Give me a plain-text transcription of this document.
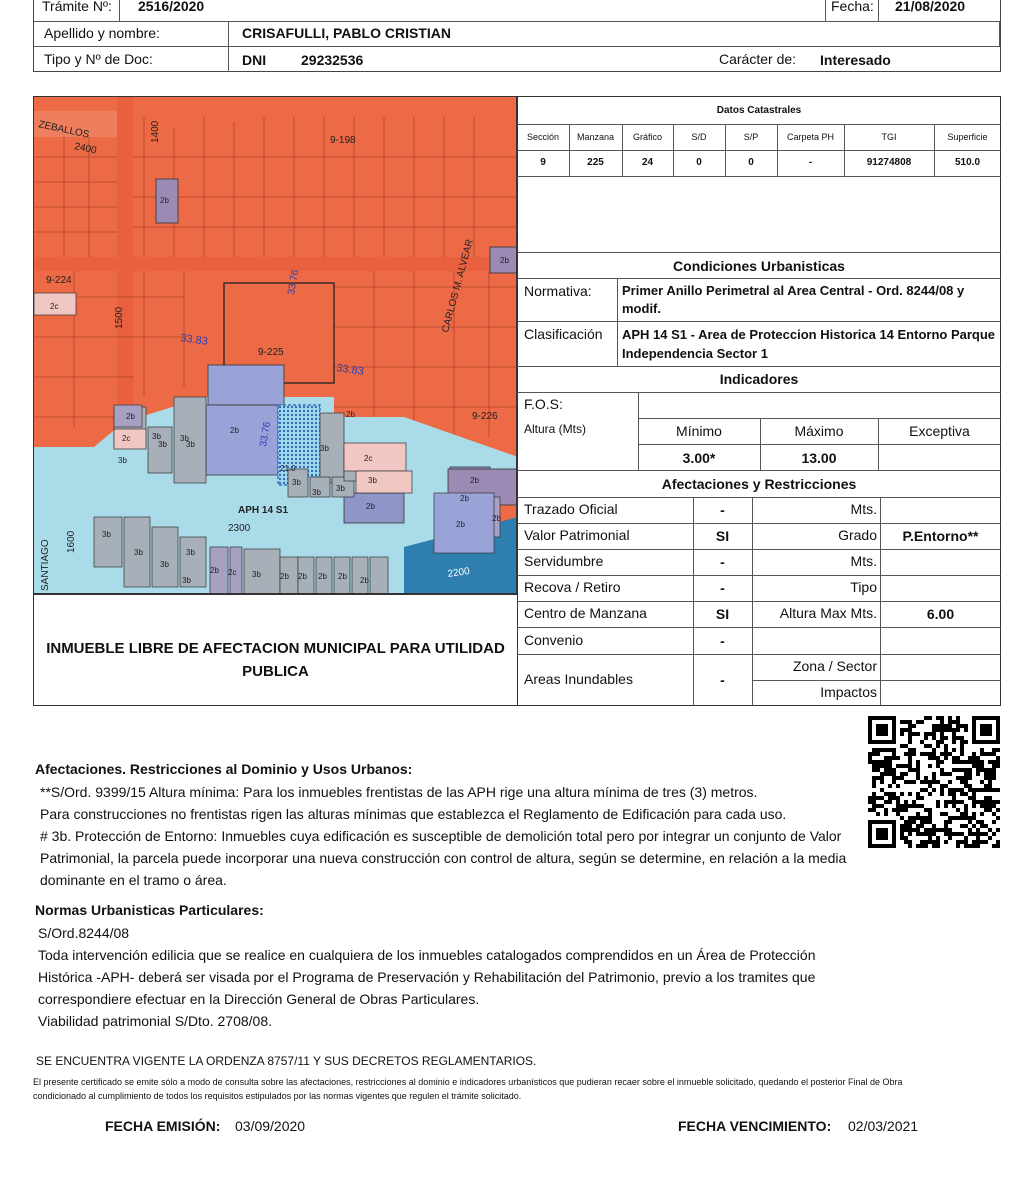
Trámite Nº: 2516/2020	Fecha: 21/08/2020
Apellido y nombre:	CRISAFULLI, PABLO CRISTIAN
Tipo y Nº de Doc:	DNI 29232536	Carácter de: Interesado
ZEBALLOS
2400
1400
1500
SANTIAGO 1600
CARLOS M. ALVEAR
2300
2200
9-198
9-224
9-225
9-226
33.76
33.83
33.83
33.76
APH 14 S1
2b
2c
2b
3b
2b
3b
2c
3b
3b
2b
2b
3b
2c
3b
3b 3b
2b
2b
3b
2b
2b
3b
3b
3b
2b 2c 3b 2b 2b 2b 2b 2b
3b
3b
21.0
3b
2b
INMUEBLE LIBRE DE AFECTACION MUNICIPAL PARA UTILIDAD PUBLICA
Datos Catastrales
Sección	Manzana	Gráfico	S/D	S/P	Carpeta PH	TGI	Superficie
9	225	24	0	0	-	91274808	510.0
Condiciones Urbanisticas
Normativa: Primer Anillo Perimetral al Area Central - Ord. 8244/08 y modif.
Clasificación APH 14 S1 - Area de Proteccion Historica 14 Entorno Parque Independencia Sector 1
Indicadores
F.O.S:
Altura (Mts)	Mínimo	Máximo	Exceptiva
3.00*	13.00
Afectaciones y Restricciones
Trazado Oficial	-	Mts.
Valor Patrimonial	SI	Grado	P.Entorno**
Servidumbre	-	Mts.
Recova / Retiro	-	Tipo
Centro de Manzana	SI	Altura Max Mts.	6.00
Convenio	-
Areas Inundables	-
Zona / Sector
Impactos
Afectaciones. Restricciones al Dominio y Usos Urbanos:
**S/Ord. 9399/15 Altura mínima: Para los inmuebles frentistas de las APH rige una altura mínima de tres (3) metros.
Para construcciones no frentistas rigen las alturas mínimas que establezca el Reglamento de Edificación para cada uso.
# 3b. Protección de Entorno: Inmuebles cuya edificación es susceptible de demolición total pero por integrar un conjunto de Valor
Patrimonial, la parcela puede incorporar una nueva construcción con control de altura, según se determine, en relación a la media
dominante en el tramo o área.
Normas Urbanisticas Particulares:
S/Ord.8244/08
Toda intervención edilicia que se realice en cualquiera de los inmuebles catalogados comprendidos en un Área de Protección
Histórica -APH- deberá ser visada por el Programa de Preservación y Rehabilitación del Patrimonio, previo a los tramites que
correspondiere efectuar en la Dirección General de Obras Particulares.
Viabilidad patrimonial S/Dto. 2708/08.
SE ENCUENTRA VIGENTE LA ORDENZA 8757/11 Y SUS DECRETOS REGLAMENTARIOS.
El presente certificado se emite sólo a modo de consulta sobre las afectaciones, restricciones al dominio e indicadores urbanísticos que pudieran recaer sobre el inmueble solicitado, quedando el posterior Final de Obra
condicionado al cumplimiento de todos los requisitos estipulados por las normas vigentes que regulen el trámite solicitado.
FECHA EMISIÓN: 03/09/2020	FECHA VENCIMIENTO: 02/03/2021
